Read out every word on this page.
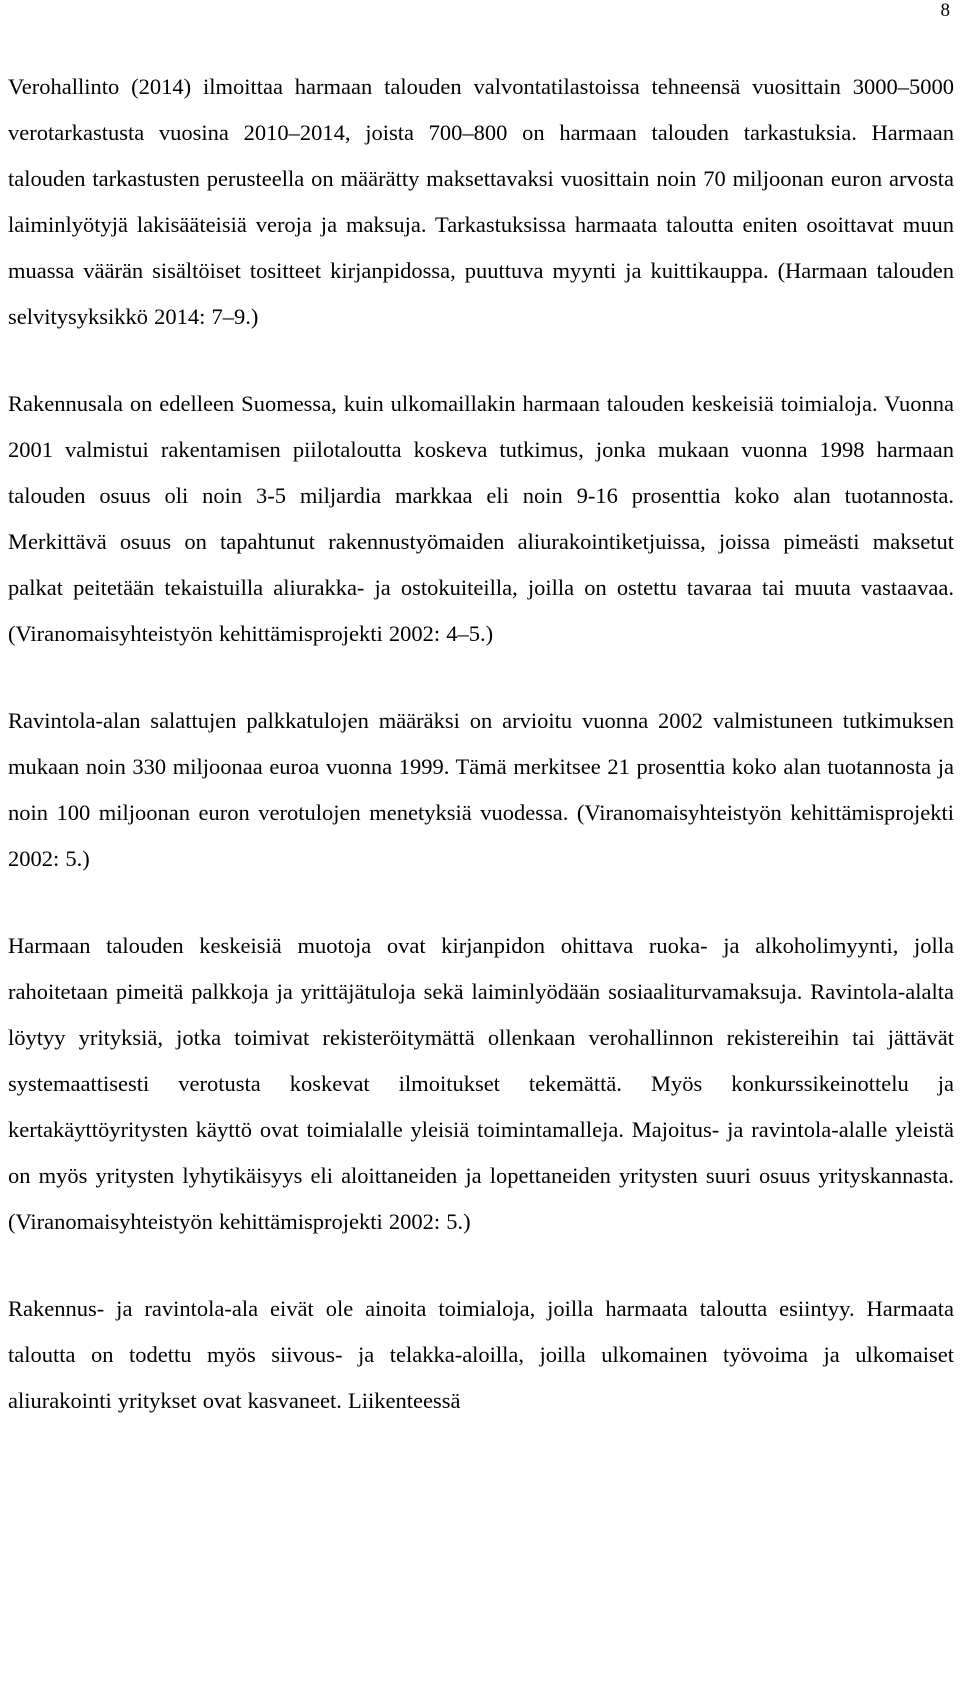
8

Verohallinto (2014) ilmoittaa harmaan talouden valvontatilastoissa tehneensä vuosittain 3000–5000 verotarkastusta vuosina 2010–2014, joista 700–800 on harmaan talouden tarkastuksia. Harmaan talouden tarkastusten perusteella on määrätty maksettavaksi vuosittain noin 70 miljoonan euron arvosta laiminlyötyjä lakisääteisiä veroja ja maksuja. Tarkastuksissa harmaata taloutta eniten osoittavat muun muassa väärän sisältöiset tositteet kirjanpidossa, puuttuva myynti ja kuittikauppa. (Harmaan talouden selvitysyksikkö 2014: 7–9.)

Rakennusala on edelleen Suomessa, kuin ulkomaillakin harmaan talouden keskeisiä toimialoja. Vuonna 2001 valmistui rakentamisen piilotaloutta koskeva tutkimus, jonka mukaan vuonna 1998 harmaan talouden osuus oli noin 3-5 miljardia markkaa eli noin 9-16 prosenttia koko alan tuotannosta. Merkittävä osuus on tapahtunut rakennustyömaiden aliurakointiketjuissa, joissa pimeästi maksetut palkat peitetään tekaistuilla aliurakka- ja ostokuiteilla, joilla on ostettu tavaraa tai muuta vastaavaa. (Viranomaisyhteistyön kehittämisprojekti 2002: 4–5.)

Ravintola-alan salattujen palkkatulojen määräksi on arvioitu vuonna 2002 valmistuneen tutkimuksen mukaan noin 330 miljoonaa euroa vuonna 1999. Tämä merkitsee 21 prosenttia koko alan tuotannosta ja noin 100 miljoonan euron verotulojen menetyksiä vuodessa. (Viranomaisyhteistyön kehittämisprojekti 2002: 5.)

Harmaan talouden keskeisiä muotoja ovat kirjanpidon ohittava ruoka- ja alkoholimyynti, jolla rahoitetaan pimeitä palkkoja ja yrittäjätuloja sekä laiminlyödään sosiaaliturvamaksuja. Ravintola-alalta löytyy yrityksiä, jotka toimivat rekisteröitymättä ollenkaan verohallinnon rekistereihin tai jättävät systemaattisesti verotusta koskevat ilmoitukset tekemättä. Myös konkurssikeinottelu ja kertakäyttöyritysten käyttö ovat toimialalle yleisiä toimintamalleja. Majoitus- ja ravintola-alalle yleistä on myös yritysten lyhytikäisyys eli aloittaneiden ja lopettaneiden yritysten suuri osuus yrityskannasta. (Viranomaisyhteistyön kehittämisprojekti 2002: 5.)

Rakennus- ja ravintola-ala eivät ole ainoita toimialoja, joilla harmaata taloutta esiintyy. Harmaata taloutta on todettu myös siivous- ja telakka-aloilla, joilla ulkomainen työvoima ja ulkomaiset aliurakointi yritykset ovat kasvaneet. Liikenteessä
